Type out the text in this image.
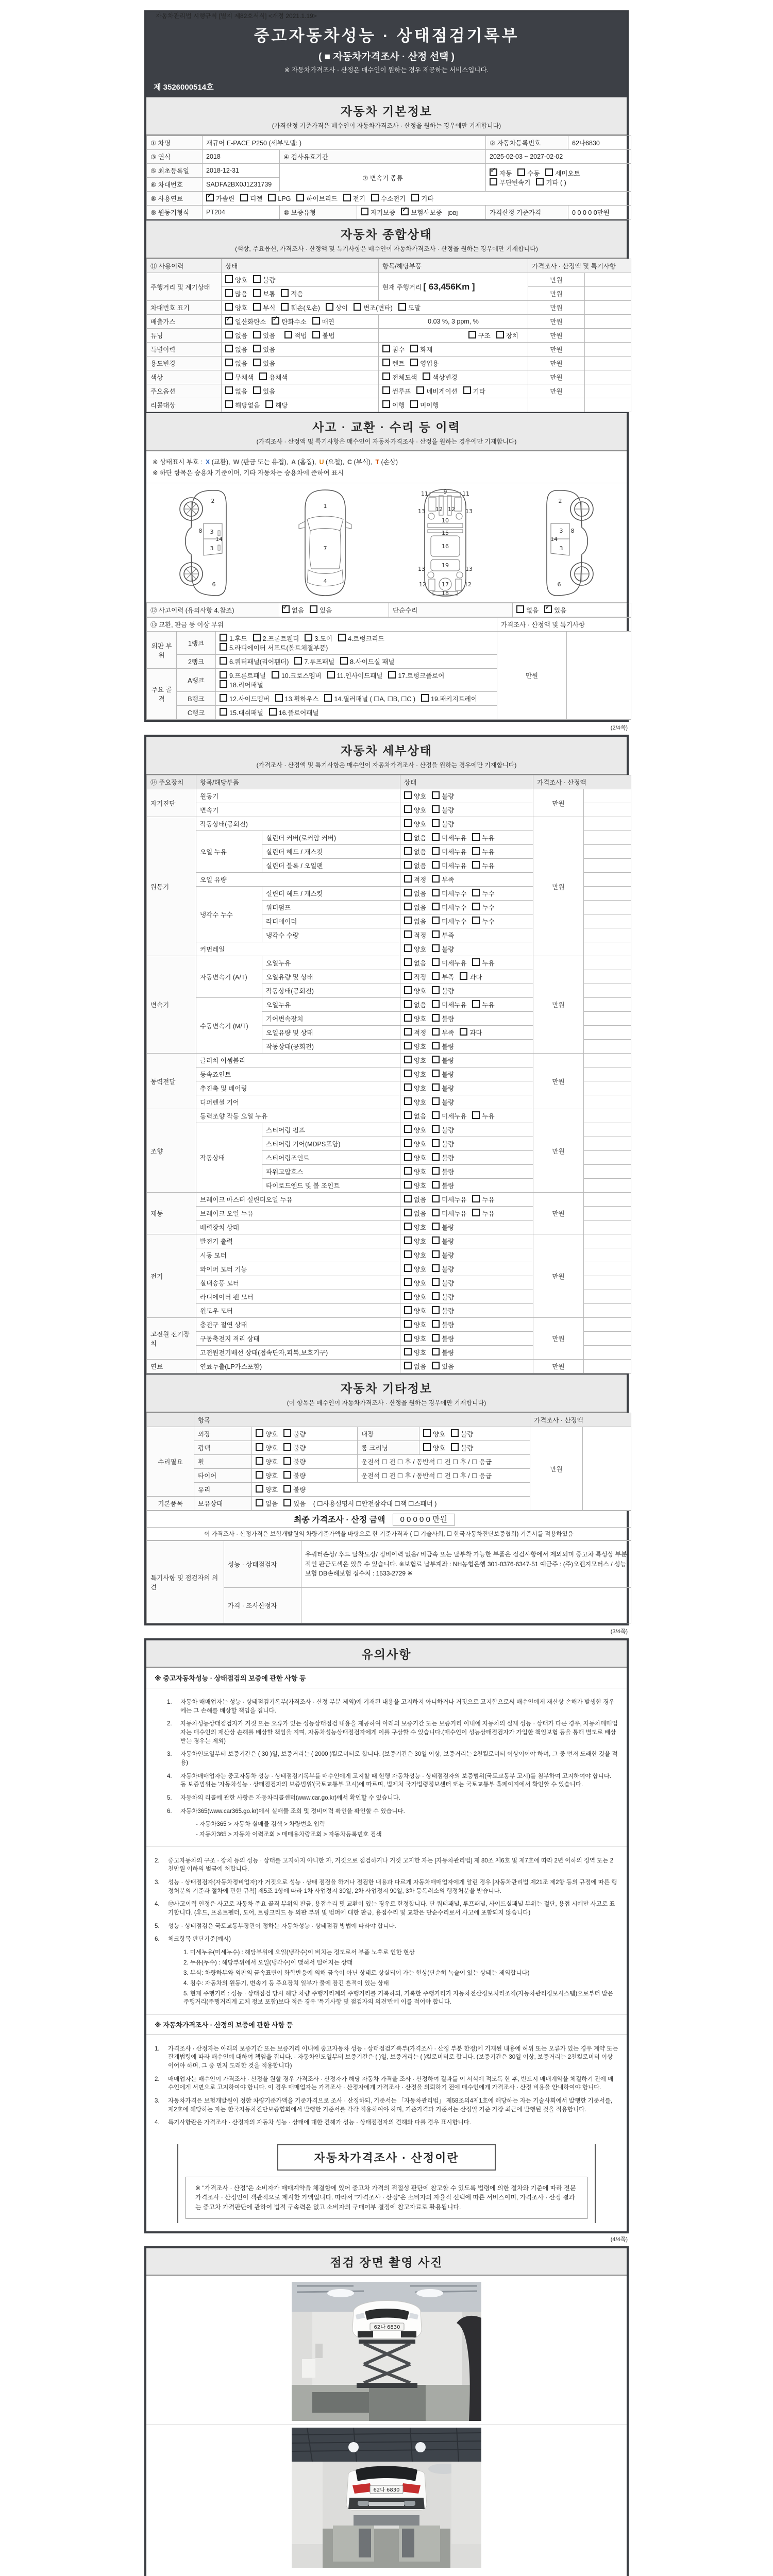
자동차관리법 시행규칙 [별지 제82호서식] <개정 2021.1.19>
중고자동차성능 · 상태점검기록부
( ■ 자동차가격조사 · 산정 선택 )
※ 자동차가격조사 · 산정은 매수인이 원하는 경우 제공하는 서비스입니다.
제 3526000514호
자동차 기본정보

(가격산정 기준가격은 매수인이 자동차가격조사 · 산정을 원하는 경우에만 기재합니다)

① 차명	재규어 E-PACE P250 (세부모델: )			② 자동차등록번호	62나6830
③ 연식	2018	④ 검사유효기간		2025-02-03 ~ 2027-02-02	
⑤ 최초등록일	2018-12-31	⑦ 변속기 종류	✓자동 수동 세미오토무단변속기 기타 ( )
⑥ 차대번호	SADFA2BX0J1Z31739				
⑧ 사용연료	✓가솔린 디젤 LPG 하이브리드 전기 수소전기 기타
⑨ 원동기형식	PT204	⑩ 보증유형	자기보증 ✓ 보험사보증 [DB]	가격산정 기준가격	0 0 0 0 0만원
자동차 종합상태

(색상, 주요옵션, 가격조사 · 산정액 및 특기사항은 매수인이 자동차가격조사 · 산정을 원하는 경우에만 기재합니다)

⑪ 사용이력	상태	항목/해당부품	가격조사 · 산정액 및 특기사항	
주행거리 및 계기상태	양호 불량	현재 주행거리 [ 63,456Km ]	만원	
	많음 보통 적음		만원	
차대번호 표기	양호 부식 훼손(오손) 상이 변조(변타) 도말		만원	
배출가스	✓일산화탄소 ✓ 탄화수소 매연	0.03 %, 3 ppm, %	만원	
튜닝	없음 있음 적법 불법	구조 장치	만원	
특별이력	없음 있음	침수 화재	만원	
용도변경	없음 있음	렌트 영업용	만원	
색상	무채색 유채색	전체도색 색상변경	만원	
주요옵션	없음 있음	썬루프 네비게이션 기타	만원	
리콜대상	해당없음 해당	이행 미이행		
사고 · 교환 · 수리 등 이력

(가격조사 · 산정액 및 특기사항은 매수인이 자동차가격조사 · 산정을 원하는 경우에만 기재합니다)

※ 상태표시 부호 : X (교환), W (판금 또는 용접), A (흠집), U (요철), C (부식), T (손상)
※ 하단 항목은 승용차 기준이며, 기타 자동차는 승용차에 준하여 표시
2
8 3
14
3
6
1
7
4
11	9	11
13 12 12 13
10
15
16
19
13	13
12	17	12
18
2
3 8
14
3
6
⑫ 사고이력 (유의사항 4.참조)	✓없음 있음	단순수리	없음 ✓ 있음
⑬ 교환, 판금 등 이상 부위			가격조사 · 산정액 및 특기사항	
외판 부위	1랭크	1.후드 2.프론트휀더 3.도어 4.트렁크리드5.라디에이터 서포트(볼트체결부품)	만원	
	2랭크	6.쿼터패널(리어휀더) 7.루프패널 8.사이드실 패널		
주요 골격	A랭크	9.프론트패널 10.크로스멤버 11.인사이드패널 17.트렁크플로어18.리어패널		
	B랭크	12.사이드멤버 13.휠하우스 14.필러패널 ( ☐A, ☐B, ☐C ) 19.패키지트레이		
	C랭크	15.대쉬패널 16.플로어패널		
(2/4쪽)
자동차 세부상태

(가격조사 · 산정액 및 특기사항은 매수인이 자동차가격조사 · 산정을 원하는 경우에만 기재합니다)

⑭ 주요장치	항목/해당부품		상태	가격조사 · 산정액	
자기진단	원동기		양호 불량	만원	
	변속기		양호 불량		
원동기	작동상태(공회전)		양호 불량	만원	
	오일 누유	실린더 커버(로커암 커버)	없음 미세누유 누유		
		실린더 헤드 / 개스킷	없음 미세누유 누유		
		실린더 블록 / 오일팬	없음 미세누유 누유		
	오일 유량		적정 부족		
	냉각수 누수	실린더 헤드 / 개스킷	없음 미세누수 누수		
		워터펌프	없음 미세누수 누수		
		라디에이터	없음 미세누수 누수		
		냉각수 수량	적정 부족		
	커먼레일		양호 불량		
변속기	자동변속기 (A/T)	오일누유	없음 미세누유 누유	만원	
		오일유량 및 상태	적정 부족 과다		
		작동상태(공회전)	양호 불량		
	수동변속기 (M/T)	오일누유	없음 미세누유 누유		
		기어변속장치	양호 불량		
		오일유량 및 상태	적정 부족 과다		
		작동상태(공회전)	양호 불량		
동력전달	클러치 어셈블리		양호 불량	만원	
	등속죠인트		양호 불량		
	추진축 및 베어링		양호 불량		
	디퍼렌셜 기어		양호 불량		
조향	동력조향 작동 오일 누유		없음 미세누유 누유	만원	
	작동상태	스티어링 펌프	양호 불량		
		스티어링 기어(MDPS포함)	양호 불량		
		스티어링조인트	양호 불량		
		파워고압호스	양호 불량		
		타이로드엔드 및 볼 조인트	양호 불량		
제동	브레이크 마스터 실린더오일 누유		없음 미세누유 누유	만원	
	브레이크 오일 누유		없음 미세누유 누유		
	배력장치 상태		양호 불량		
전기	발전기 출력		양호 불량	만원	
	시동 모터		양호 불량		
	와이퍼 모터 기능		양호 불량		
	실내송풍 모터		양호 불량		
	라디에이터 팬 모터		양호 불량		
	윈도우 모터		양호 불량		
고전원 전기장치	충전구 절연 상태		양호 불량	만원	
	구동축전지 격리 상태		양호 불량		
	고전원전기배선 상태(접속단자,피복,보호기구)		양호 불량		
연료	연료누출(LP가스포함)		없음 있음	만원	
자동차 기타정보

(이 항목은 매수인이 자동차가격조사 · 산정을 원하는 경우에만 기재합니다)

	항목				가격조사 · 산정액	
수리필요	외장	양호 불량	내장	양호 불량	만원	
	광택	양호 불량	룸 크리닝	양호 불량		
	휠	양호 불량	운전석 ☐ 전 ☐ 후 / 동반석 ☐ 전 ☐ 후 / ☐ 응급			
	타이어	양호 불량	운전석 ☐ 전 ☐ 후 / 동반석 ☐ 전 ☐ 후 / ☐ 응급			
	유리	양호 불량				
기본품목	보유상태	없음 있음 ( ☐사용설명서 ☐안전삼각대 ☐잭 ☐스패너 )				
최종 가격조사 · 산정 금액	0 0 0 0 0 만원
이 가격조사 · 산정가격은 보험개발원의 차량기준가액을 바탕으로 한 기준가격과 ( ☐ 기술사회, ☐ 한국자동차진단보증협회) 기준서를 적용하였음
특기사항 및 점검자의 의견	성능 · 상태점검자	우쿼터손상/ 후드 탈착도장/ 정비이력 없음/ 비금속 또는 탈부착 가능한 부품은 점검사항에서 제외되며 중고차 특성상 부분적인 판금도색은 있을 수 있습니다. ※보험료 납부계좌 : NH농협은행 301-0376-6347-51 예금주 : (주)오렌지모터스 / 성능보험 DB손해보험 접수처 : 1533-2729 ※
	가격 · 조사산정자	
(3/4쪽)
유의사항
※ 중고자동차성능 · 상태점검의 보증에 관한 사항 등
1.	자동차 매매업자는 성능 · 상태점검기록부(가격조사 · 산정 부분 제외)에 기재된 내용을 고지하지 아니하거나 거짓으로 고지함으로써 매수인에게 재산상 손해가 발생한 경우에는 그 손해를 배상할 책임을 집니다.
2.	자동차성능상태점검자가 거짓 또는 오류가 있는 성능상태점검 내용을 제공하여 아래의 보증기간 또는 보증거리 이내에 자동차의 실제 성능 · 상태가 다른 경우, 자동차매매업자는 매수인의 재산상 손해를 배상할 책임을 지며, 자동차성능상태점검자에게 이를 구상할 수 있습니다.(매수인이 성능상태점검자가 가입한 책임보험 등을 통해 별도로 배상받는 경우는 제외)
3.	자동차인도일부터 보증기간은 ( 30 )일, 보증거리는 ( 2000 )킬로미터로 합니다. (보증기간은 30일 이상, 보증거리는 2천킬로미터 이상이어야 하며, 그 중 먼저 도래한 것을 적용)
4.	자동차매매업자는 중고자동차 성능 · 상태점검기록부를 매수인에게 고지할 때 현행 자동차성능 · 상태점검자의 보증범위(국토교통부 고시)를 첨부하여 고지하여야 합니다. 동 보증범위는 '자동차성능 · 상태점검자의 보증범위'(국토교통부 고시)에 따르며, 법제처 국가법령정보센터 또는 국토교통부 홈페이지에서 확인할 수 있습니다.
5.	자동차의 리콜에 관한 사항은 자동차리콜센터(www.car.go.kr)에서 확인할 수 있습니다.
6.	자동차365(www.car365.go.kr)에서 실매물 조회 및 정비이력 확인을 확인할 수 있습니다.
- 자동차365 > 자동차 실매물 검색 > 차량번호 입력
- 자동차365 > 자동차 이력조회 > 매매용차량조회 > 자동차등록번호 검색
2.	중고자동차의 구조 · 장치 등의 성능 · 상태를 고지하지 아니한 자, 거짓으로 점검하거나 거짓 고지한 자는 [자동차관리법] 제 80조 제6호 및 제7호에 따라 2년 이하의 징역 또는 2천만원 이하의 벌금에 처합니다.
3.	성능 · 상태점검자(자동차정비업자)가 거짓으로 성능 · 상태 점검을 하거나 점검한 내용과 다르게 자동차매매업자에게 알린 경우 [자동차관리법 제21조 제2항 등의 규정에 따른 행정처분의 기준과 절차에 관한 규칙] 제5조 1항에 따라 1차 사업정지 30일, 2차 사업정지 90일, 3차 등록취소의 행정처분을 받습니다.
4.	⑫사고이력 인정은 사고로 자동차 주요 골격 부위의 판금, 용접수리 및 교환이 있는 경우로 한정합니다. 단 쿼터패널, 루프패널, 사이드실패널 부위는 절단, 용접 시에만 사고로 표기합니다. (후드, 프론트펜더, 도어, 트렁크리드 등 외판 부위 및 범퍼에 대한 판금, 용접수리 및 교환은 단순수리로서 사고에 포함되지 않습니다)
5.	성능 · 상태점검은 국토교통부장관이 정하는 자동차성능 · 상태점검 방법에 따라야 합니다.
6.	체크항목 판단기준(예시)
1. 미세누유(미세누수) : 해당부위에 오일(냉각수)이 비치는 정도로서 부품 노후로 인한 현상
2. 누유(누수) : 해당부위에서 오일(냉각수)이 맺혀서 떨어지는 상태
3. 부식: 차량하부와 외판의 금속표면이 화학반응에 의해 금속이 아닌 상태로 상실되어 가는 현상(단순히 녹슬어 있는 상태는 제외합니다)
4. 침수: 자동차의 원동기, 변속기 등 주요장치 일부가 물에 잠긴 흔적이 있는 상태
5. 현재 주행거리 : 성능 · 상태점검 당시 해당 차량 주행거리계의 주행거리를 기록하되, 기록한 주행거리가 자동차전산정보처리조직(자동차관리정보시스템)으로부터 받은 주행거리(주행거리계 교체 정보 포함)보다 적은 경우 '특기사항 및 점검자의 의견'란에 이를 적어야 합니다.
※ 자동차가격조사 · 산정의 보증에 관한 사항 등
1.	가격조사 · 산정자는 아래의 보증기간 또는 보증거리 이내에 중고자동차 성능 · 상태점검기록부(가격조사 · 산정 부분 한정)에 기재된 내용에 허위 또는 오류가 있는 경우 계약 또는 관계법령에 따라 매수인에 대하여 책임을 집니다. · 자동차인도일부터 보증기간은 ( )일, 보증거리는 ( )킬로미터로 합니다. (보증기간은 30일 이상, 보증거리는 2천킬로미터 이상이어야 하며, 그 중 먼저 도래한 것을 적용합니다)
2.	매매업자는 매수인이 가격조사 · 산정을 원할 경우 가격조사 · 산정자가 해당 자동차 가격을 조사 · 산정하여 결과를 이 서식에 적도록 한 후, 반드시 매매계약을 체결하기 전에 매수인에게 서면으로 고지하여야 합니다. 이 경우 매매업자는 가격조사 · 산정자에게 가격조사 · 산정을 의뢰하기 전에 매수인에게 가격조사 · 산정 비용을 안내하여야 합니다.
3.	자동차가격은 보험개발원이 정한 차량기준가액을 기준가격으로 조사 · 산정하되, 기준서는 「자동차관리법」 제58조의4제1호에 해당하는 자는 기술사회에서 발행한 기준서를, 제2호에 해당하는 자는 한국자동차진단보증협회에서 발행한 기준서를 각각 적용하여야 하며, 기준가격과 기준서는 산정일 기준 가장 최근에 발행된 것을 적용합니다.
4.	특기사항란은 가격조사 · 산정자의 자동차 성능 · 상태에 대한 견해가 성능 · 상태점검자의 견해와 다를 경우 표시합니다.
자동차가격조사 · 산정이란
※ "가격조사 · 산정"은 소비자가 매매계약을 체결함에 있어 중고차 가격의 적절성 판단에 참고할 수 있도록 법령에 의한 절차와 기준에 따라 전문 가격조사 · 산정인이 객관적으로 제시한 가액입니다. 따라서 "가격조사 · 산정"은 소비자의 자율적 선택에 따른 서비스이며, 가격조사 · 산정 결과는 중고차 가격판단에 관하여 법적 구속력은 없고 소비자의 구매여부 결정에 참고자료로 활용됩니다.
(4/4쪽)
점검 장면 촬영 사진
62나 6830
62나 6830
